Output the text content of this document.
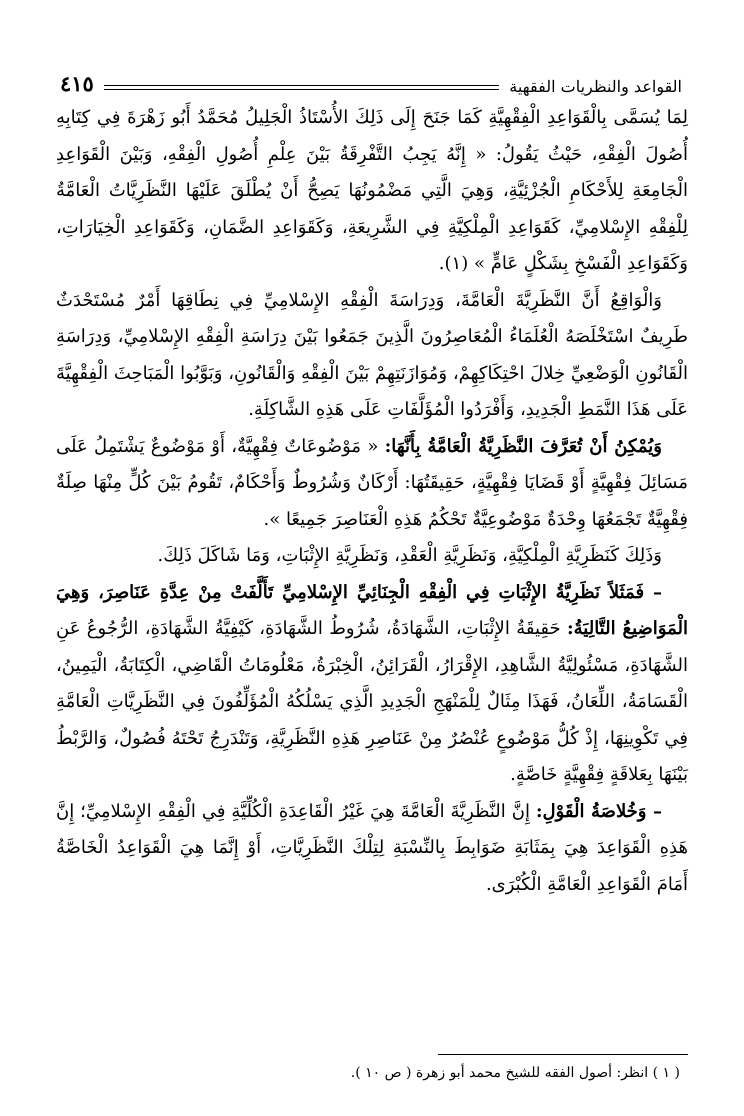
القواعد والنظريات الفقهية
٤١٥

لِمَا يُسَمَّى بِالْقَوَاعِدِ الْفِقْهِيَّةِ كَمَا جَنَحَ إِلَى ذَلِكَ الأُسْتَاذُ الْجَلِيلُ مُحَمَّدُ أَبُو زَهْرَةَ فِي كِتَابِهِ أُصُولَ الْفِقْهِ، حَيْثُ يَقُولُ: « إِنَّهُ يَجِبُ التَّفْرِقَةُ بَيْنَ عِلْمِ أُصُولِ الْفِقْهِ، وَبَيْنَ الْقَوَاعِدِ الْجَامِعَةِ لِلأَحْكَامِ الْجُزْئِيَّةِ، وَهِيَ الَّتِي مَضْمُونُهَا يَصِحُّ أَنْ يُطْلَقَ عَلَيْهَا النَّظَرِيَّاتُ الْعَامَّةُ لِلْفِقْهِ الإِسْلامِيِّ، كَقَوَاعِدِ الْمِلْكِيَّةِ فِي الشَّرِيعَةِ، وَكَقَوَاعِدِ الضَّمَانِ، وَكَقَوَاعِدِ الْخِيَارَاتِ، وَكَقَوَاعِدِ الْفَسْخِ بِشَكْلٍ عَامٍّ » (١).

وَالْوَاقِعُ أَنَّ النَّظَرِيَّةَ الْعَامَّةَ، وَدِرَاسَةَ الْفِقْهِ الإِسْلامِيِّ فِي نِطَاقِهَا أَمْرٌ مُسْتَحْدَثٌ طَرِيفٌ اسْتَخْلَصَهُ الْعُلَمَاءُ الْمُعَاصِرُونَ الَّذِينَ جَمَعُوا بَيْنَ دِرَاسَةِ الْفِقْهِ الإِسْلامِيِّ، وَدِرَاسَةِ الْقَانُونِ الْوَضْعِيِّ خِلالَ احْتِكَاكِهِمْ، وَمُوَازَنَتِهِمْ بَيْنَ الْفِقْهِ وَالْقَانُونِ، وَبَوَّبُوا الْمَبَاحِثَ الْفِقْهِيَّةَ عَلَى هَذَا النَّمَطِ الْجَدِيدِ، وَأَفْرَدُوا الْمُؤَلَّفَاتِ عَلَى هَذِهِ الشَّاكِلَةِ.

وَيُمْكِنُ أَنْ تُعَرَّفَ النَّظَرِيَّةُ الْعَامَّةُ بِأَنَّهَا: « مَوْضُوعَاتٌ فِقْهِيَّةٌ، أَوْ مَوْضُوعٌ يَشْتَمِلُ عَلَى مَسَائِلَ فِقْهِيَّةٍ أَوْ قَضَايَا فِقْهِيَّةٍ، حَقِيقَتُهَا: أَرْكَانٌ وَشُرُوطٌ وَأَحْكَامٌ، تَقُومُ بَيْنَ كُلٍّ مِنْهَا صِلَةٌ فِقْهِيَّةٌ تَجْمَعُهَا وِحْدَةٌ مَوْضُوعِيَّةٌ تَحْكُمُ هَذِهِ الْعَنَاصِرَ جَمِيعًا ».

وَذَلِكَ كَنَظَرِيَّةِ الْمِلْكِيَّةِ، وَنَظَرِيَّةِ الْعَقْدِ، وَنَظَرِيَّةِ الإِثْبَاتِ، وَمَا شَاكَلَ ذَلِكَ.

– فَمَثَلاً نَظَرِيَّةُ الإِثْبَاتِ فِي الْفِقْهِ الْجِنَائِيِّ الإِسْلامِيِّ تَأَلَّفَتْ مِنْ عِدَّةِ عَنَاصِرَ، وَهِيَ الْمَوَاضِيعُ التَّالِيَةُ: حَقِيقَةُ الإِثْبَاتِ، الشَّهَادَةُ، شُرُوطُ الشَّهَادَةِ، كَيْفِيَّةُ الشَّهَادَةِ، الرُّجُوعُ عَنِ الشَّهَادَةِ، مَسْئُولِيَّةُ الشَّاهِدِ، الإِقْرَارُ، الْقَرَائِنُ، الْخِبْرَةُ، مَعْلُومَاتُ الْقَاضِي، الْكِتَابَةُ، الْيَمِينُ، الْقَسَامَةُ، اللِّعَانُ، فَهَذَا مِثَالٌ لِلْمَنْهَجِ الْجَدِيدِ الَّذِي يَسْلُكُهُ الْمُؤَلِّفُونَ فِي النَّظَرِيَّاتِ الْعَامَّةِ فِي تَكْوِينِهَا، إِذْ كُلُّ مَوْضُوعٍ عُنْصُرٌ مِنْ عَنَاصِرِ هَذِهِ النَّظَرِيَّةِ، وَتَنْدَرِجُ تَحْتَهُ فُصُولٌ، وَالرَّبْطُ بَيْنَهَا بِعَلاقَةٍ فِقْهِيَّةٍ خَاصَّةٍ.

– وَخُلاصَةُ الْقَوْلِ: إِنَّ النَّظَرِيَّةَ الْعَامَّةَ هِيَ غَيْرُ الْقَاعِدَةِ الْكُلِّيَّةِ فِي الْفِقْهِ الإِسْلامِيِّ؛ إِنَّ هَذِهِ الْقَوَاعِدَ هِيَ بِمَثَابَةِ ضَوَابِطَ بِالنِّسْبَةِ لِتِلْكَ النَّظَرِيَّاتِ، أَوْ إِنَّمَا هِيَ الْقَوَاعِدُ الْخَاصَّةُ أَمَامَ الْقَوَاعِدِ الْعَامَّةِ الْكُبْرَى.

( ١ ) انظر: أصول الفقه للشيخ محمد أبو زهرة ( ص ١٠ ).
